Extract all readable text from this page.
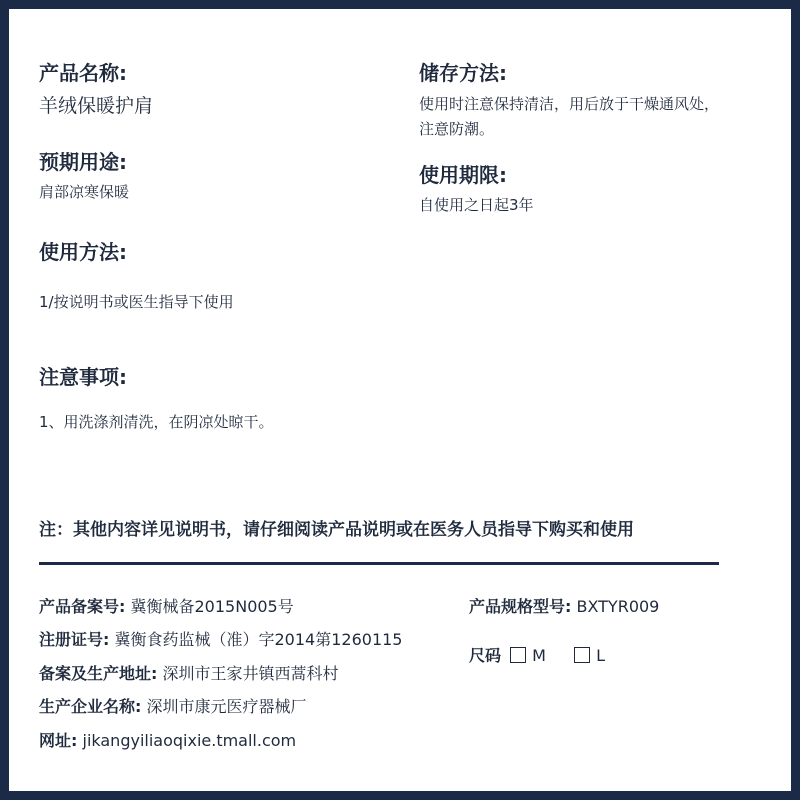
产品名称:
羊绒保暖护肩
预期用途:
肩部凉寒保暖
使用方法:
1/按说明书或医生指导下使用
注意事项:
1、用洗涤剂清洗，在阴凉处晾干。
储存方法:
使用时注意保持清洁，用后放于干燥通风处，
注意防潮。
使用期限:
自使用之日起3年
注：其他内容详见说明书，请仔细阅读产品说明或在医务人员指导下购买和使用
产品备案号: 冀衡械备2015N005号
注册证号: 冀衡食药监械（准）字2014第1260115
备案及生产地址: 深圳市王家井镇西蒿科村
生产企业名称: 深圳市康元医疗器械厂
网址: jikangyiliaoqixie.tmall.com
产品规格型号: BXTYR009
尺码 M	L
